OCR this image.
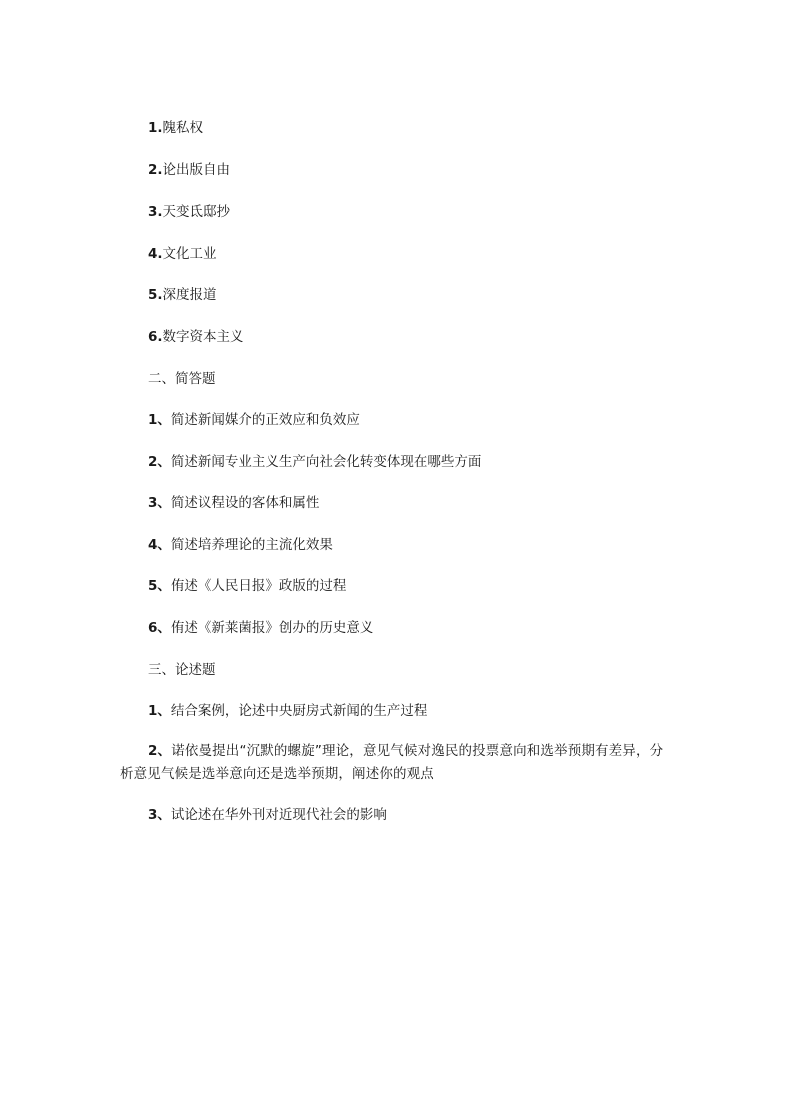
1.隗私权
2.论出版自由
3.天变氐邸抄
4.文化工业
5.深度报道
6.数字资本主义
二、简答题
1、简述新闻媒介的正效应和负效应
2、简述新闻专业主义生产向社会化转变体现在哪些方面
3、简述议程设的客体和属性
4、简述培养理论的主流化效果
5、侑述《人民日报》政版的过程
6、侑述《新莱菌报》创办的历史意义
三、论述题
1、结合案例，论述中央厨房式新闻的生产过程
2、诺依曼提出“沉默的螺旋”理论，意见气候对逸民的投票意向和选举预期有差异，分析意见气候是选举意向还是选举预期，阐述你的观点
3、试论述在华外刊对近现代社会的影响
